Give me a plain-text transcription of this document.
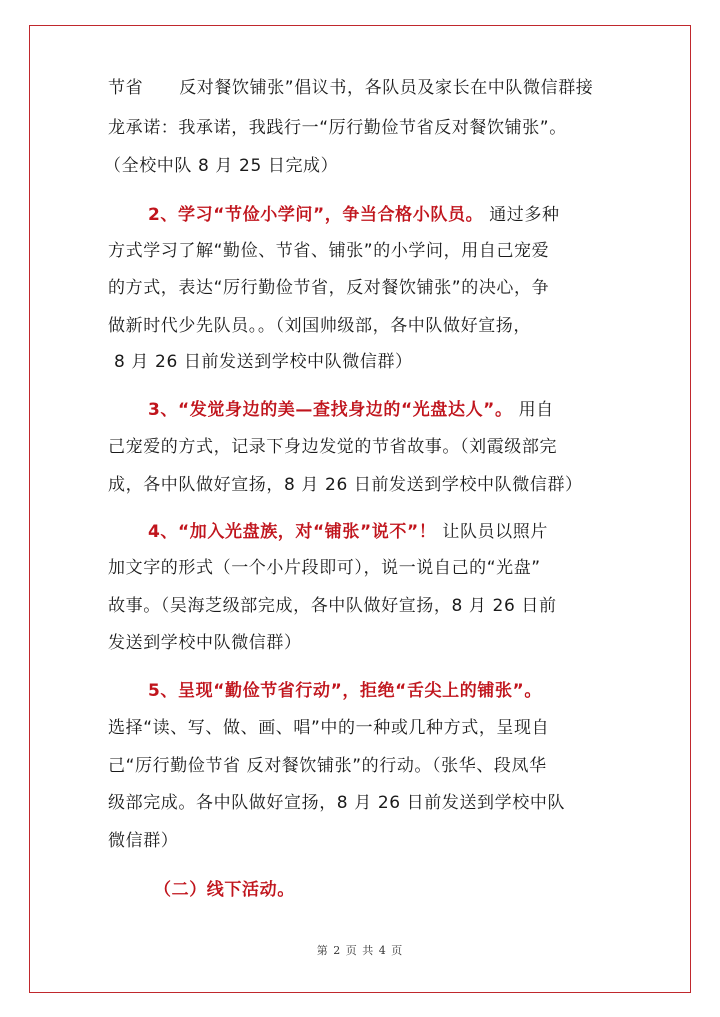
节省 反对餐饮铺张”倡议书，各队员及家长在中队微信群接
龙承诺：我承诺，我践行一“厉行勤俭节省反对餐饮铺张”。
（全校中队 8 月 25 日完成）
2、学习“节俭小学问”，争当合格小队员。 通过多种
方式学习了解“勤俭、节省、铺张”的小学问，用自己宠爱
的方式，表达“厉行勤俭节省，反对餐饮铺张”的决心，争
做新时代少先队员。。（刘国帅级部，各中队做好宣扬，
8 月 26 日前发送到学校中队微信群）
3、“发觉身边的美—查找身边的“光盘达人”。 用自
己宠爱的方式，记录下身边发觉的节省故事。（刘霞级部完
成，各中队做好宣扬，8 月 26 日前发送到学校中队微信群）
4、“加入光盘族，对“铺张”说不”！ 让队员以照片
加文字的形式（一个小片段即可），说一说自己的“光盘”
故事。（吴海芝级部完成，各中队做好宣扬，8 月 26 日前
发送到学校中队微信群）
5、呈现“勤俭节省行动”，拒绝“舌尖上的铺张”。
选择“读、写、做、画、唱”中的一种或几种方式，呈现自
己“厉行勤俭节省 反对餐饮铺张”的行动。（张华、段凤华
级部完成。各中队做好宣扬，8 月 26 日前发送到学校中队
微信群）
（二）线下活动。
第 2 页 共 4 页
